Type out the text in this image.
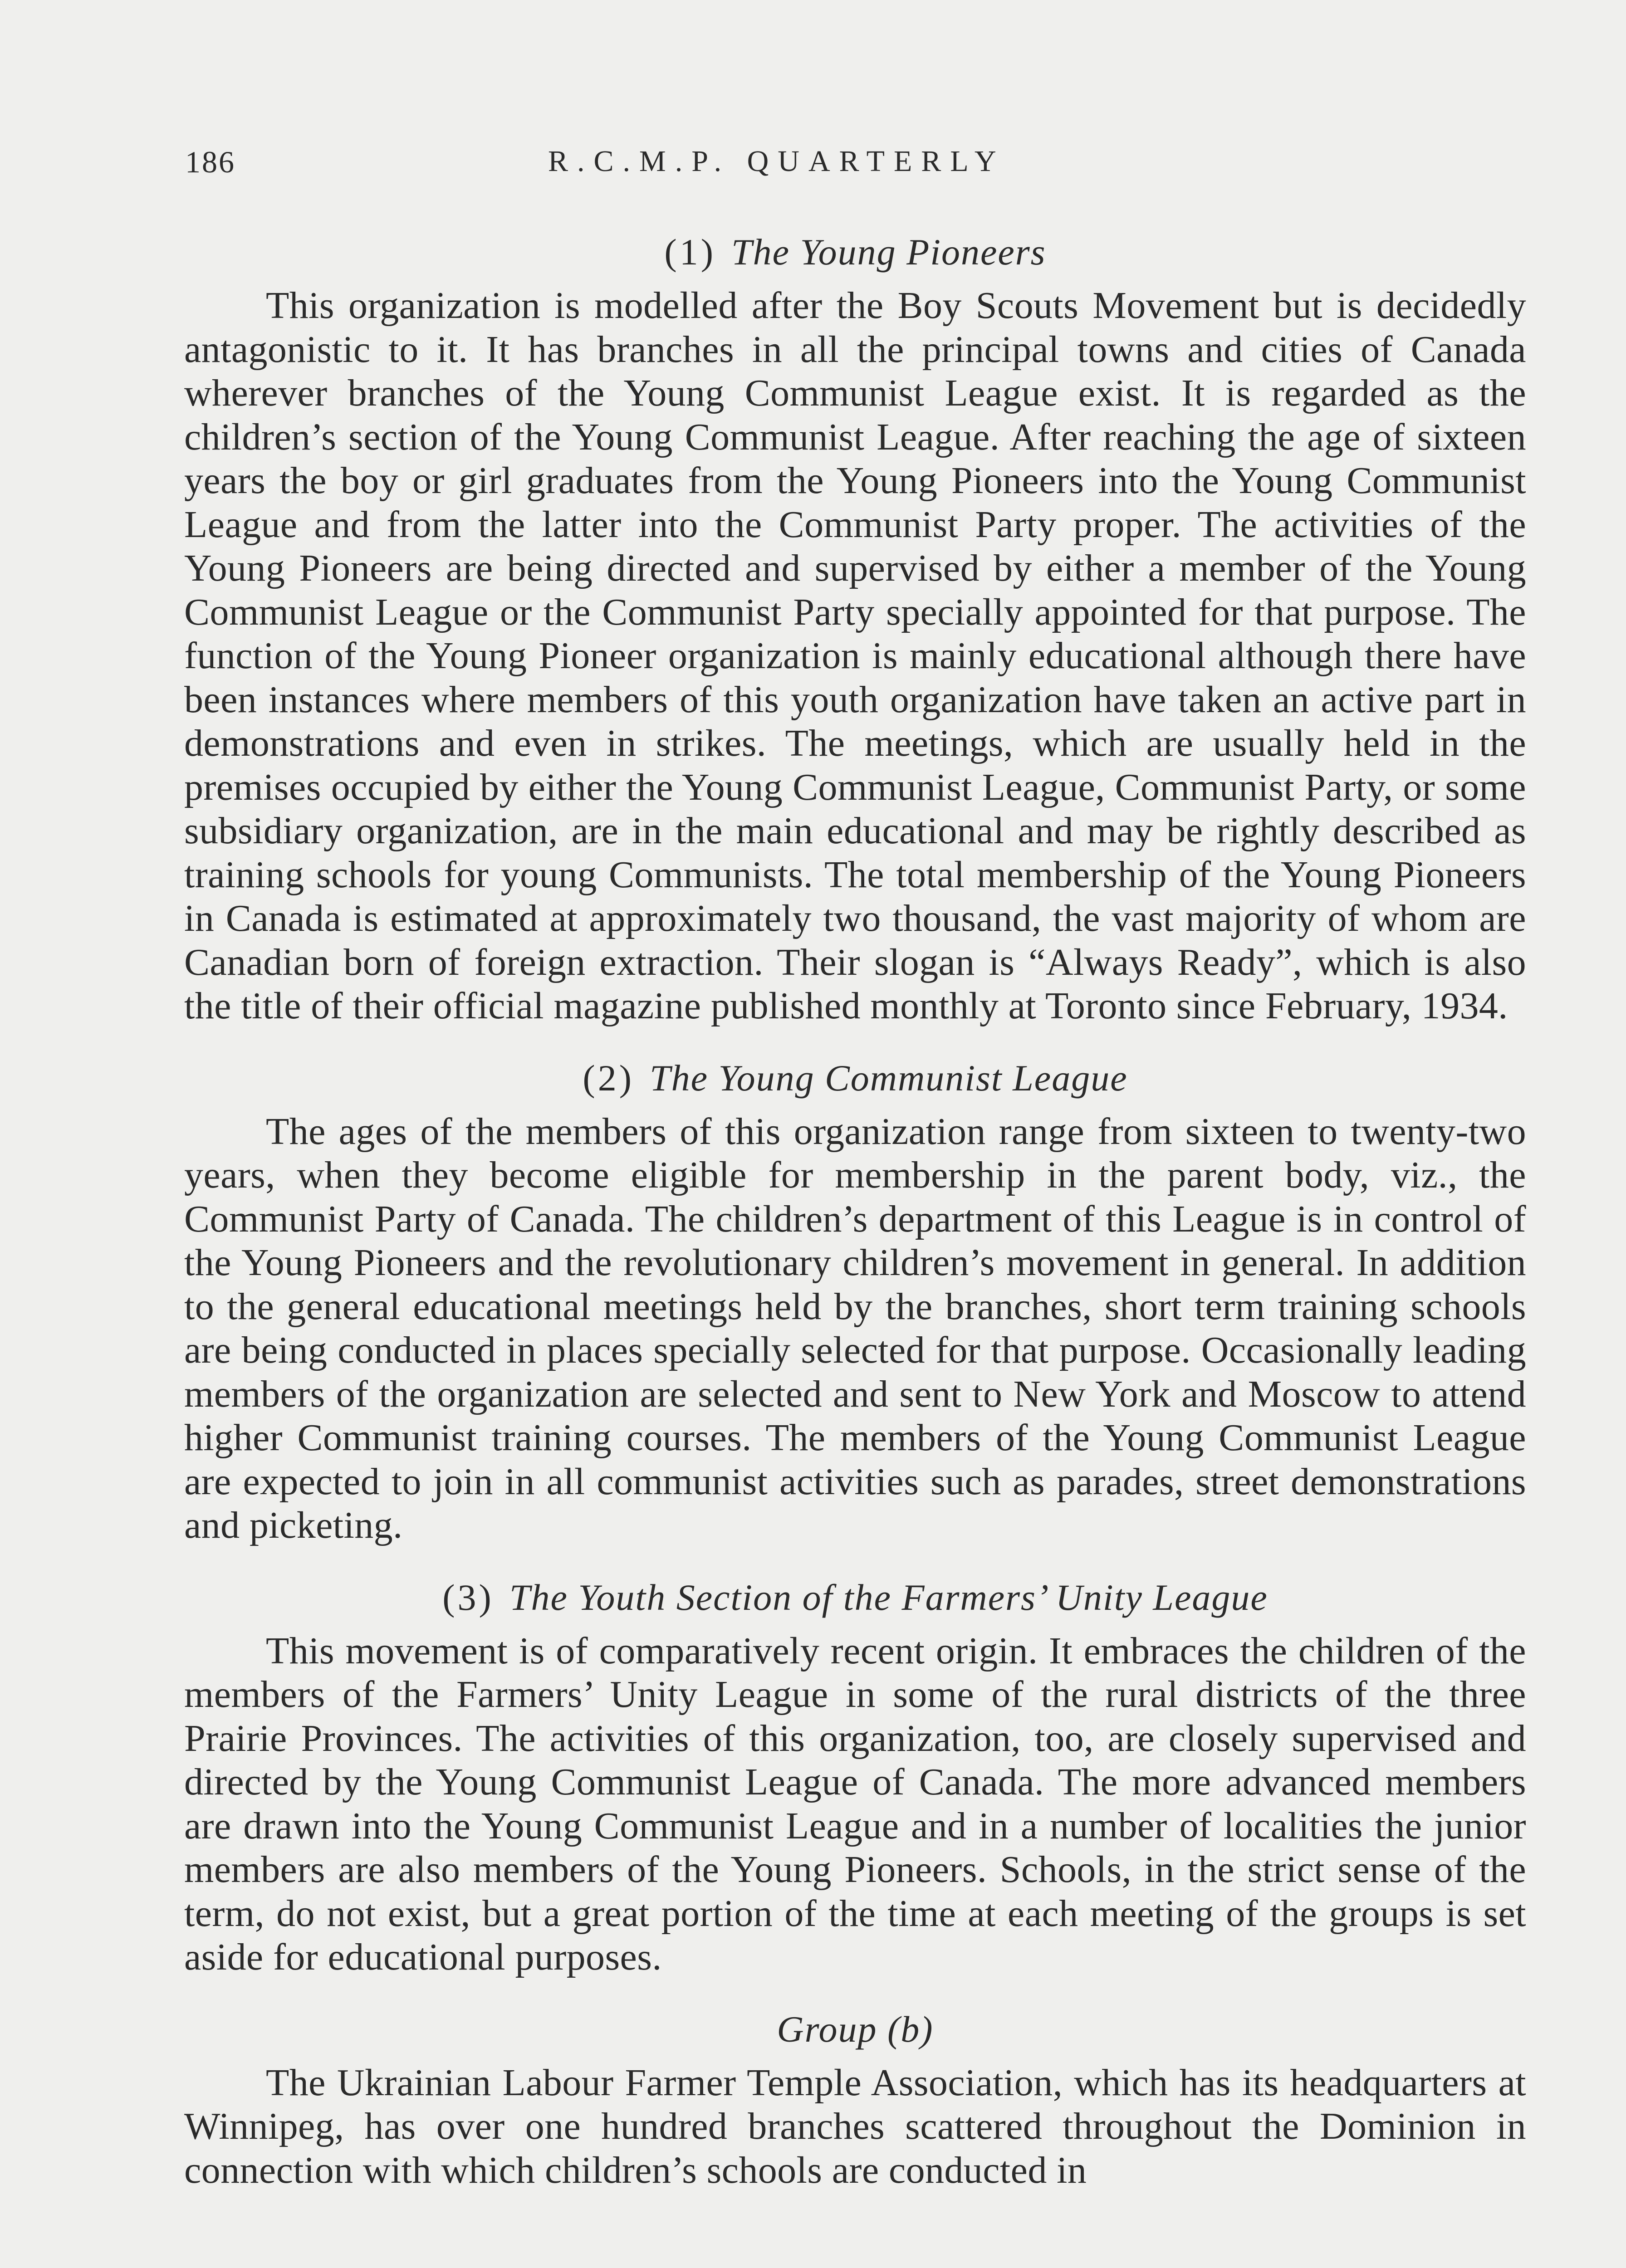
186	R.C.M.P. QUARTERLY
(1) The Young Pioneers

This organization is modelled after the Boy Scouts Movement but is decidedly antagonistic to it. It has branches in all the principal towns and cities of Canada wherever branches of the Young Communist League exist. It is regarded as the children’s section of the Young Communist League. After reaching the age of sixteen years the boy or girl graduates from the Young Pioneers into the Young Communist League and from the latter into the Communist Party proper. The activities of the Young Pioneers are being directed and supervised by either a member of the Young Communist League or the Communist Party specially appointed for that purpose. The function of the Young Pioneer organization is mainly educational although there have been instances where members of this youth organization have taken an active part in demonstrations and even in strikes. The meetings, which are usually held in the premises occupied by either the Young Communist League, Communist Party, or some subsidiary organization, are in the main educational and may be rightly described as training schools for young Communists. The total membership of the Young Pioneers in Canada is estimated at approximately two thousand, the vast majority of whom are Canadian born of foreign extraction. Their slogan is “Always Ready”, which is also the title of their official magazine published monthly at Toronto since February, 1934.

(2) The Young Communist League

The ages of the members of this organization range from sixteen to twenty-two years, when they become eligible for membership in the parent body, viz., the Communist Party of Canada. The children’s department of this League is in control of the Young Pioneers and the revolutionary children’s movement in general. In addition to the general educational meetings held by the branches, short term training schools are being conducted in places specially selected for that purpose. Occasionally leading members of the organization are selected and sent to New York and Moscow to attend higher Communist training courses. The members of the Young Communist League are expected to join in all communist activities such as parades, street demonstrations and picketing.

(3) The Youth Section of the Farmers’ Unity League

This movement is of comparatively recent origin. It embraces the children of the members of the Farmers’ Unity League in some of the rural districts of the three Prairie Provinces. The activities of this organization, too, are closely supervised and directed by the Young Communist League of Canada. The more advanced members are drawn into the Young Communist League and in a number of localities the junior members are also members of the Young Pioneers. Schools, in the strict sense of the term, do not exist, but a great portion of the time at each meeting of the groups is set aside for educational purposes.

Group (b)

The Ukrainian Labour Farmer Temple Association, which has its headquarters at Winnipeg, has over one hundred branches scattered throughout the Dominion in connection with which children’s schools are conducted in
